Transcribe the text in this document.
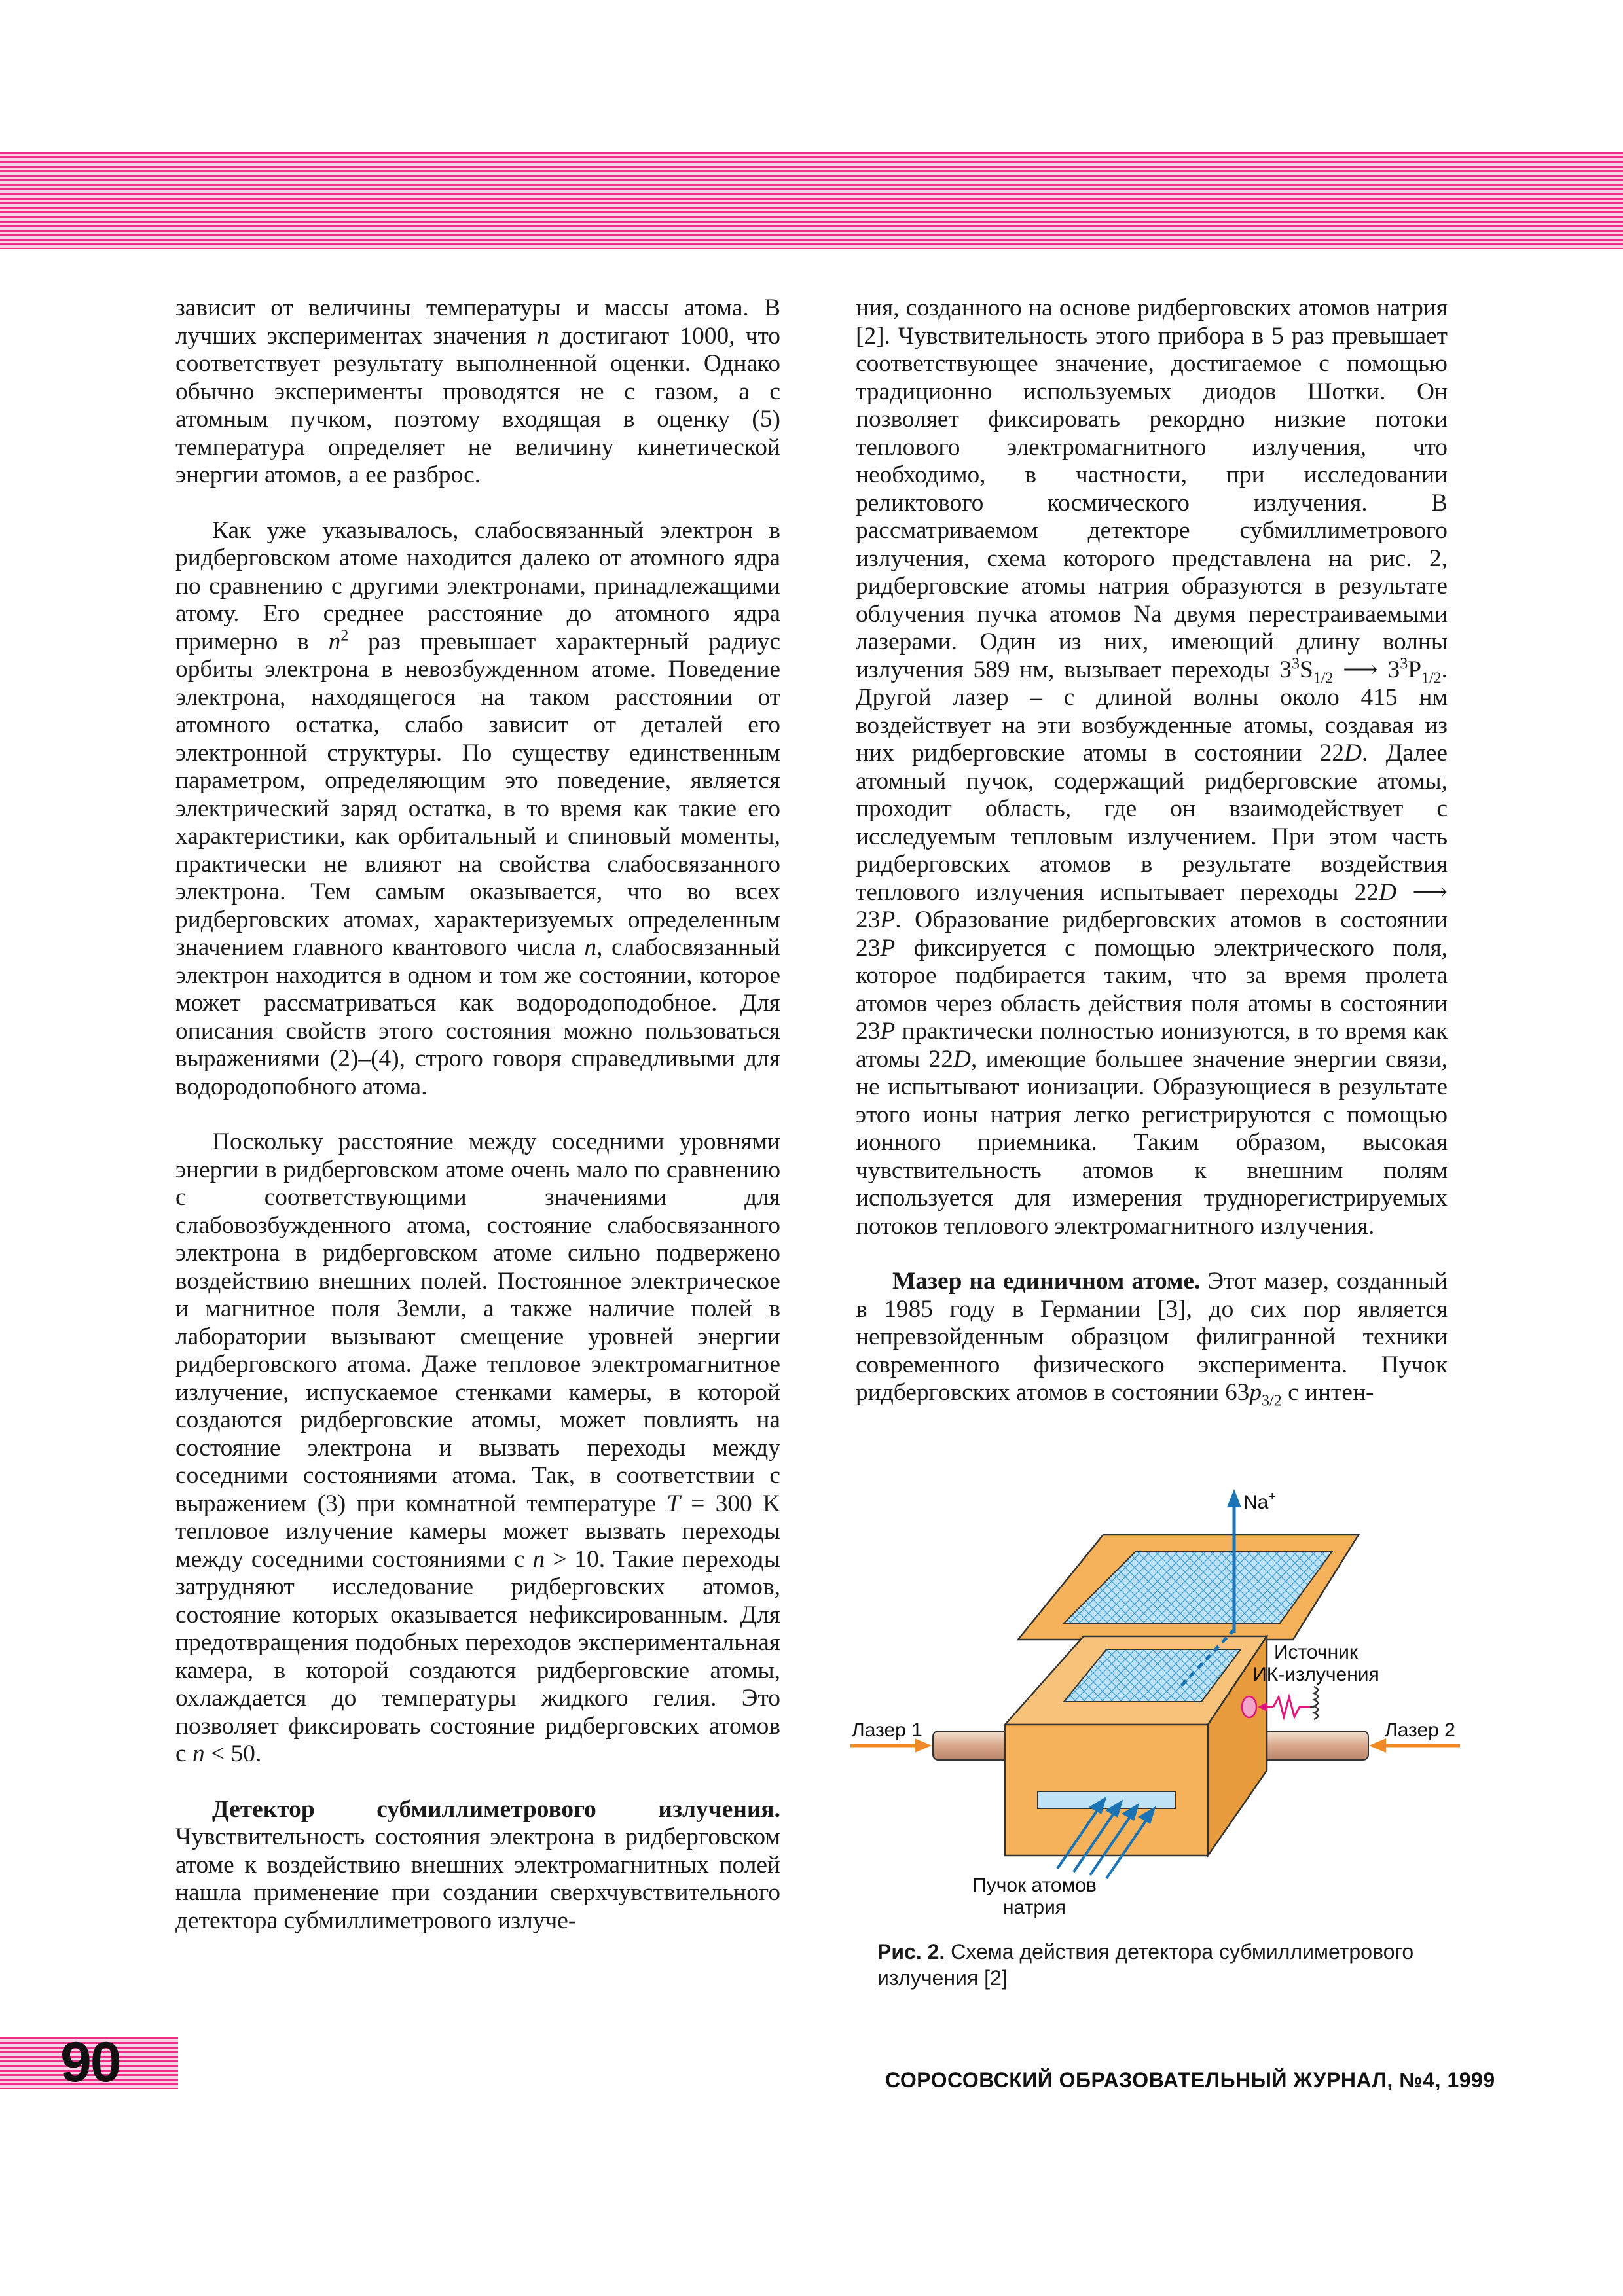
зависит от величины температуры и массы атома. В лучших экспериментах значения n достигают 1000, что соответствует результату выполненной оценки. Однако обычно эксперименты проводятся не с газом, а с атомным пучком, поэтому входящая в оценку (5) температура определяет не величину кинетической энергии атомов, а ее разброс.

Как уже указывалось, слабосвязанный электрон в ридберговском атоме находится далеко от атомного ядра по сравнению с другими электронами, принадлежащими атому. Его среднее расстояние до атомного ядра примерно в $n^2$ раз превышает характерный радиус орбиты электрона в невозбужденном атоме. Поведение электрона, находящегося на таком расстоянии от атомного остатка, слабо зависит от деталей его электронной структуры. По существу единственным параметром, определяющим это поведение, является электрический заряд остатка, в то время как такие его характеристики, как орбитальный и спиновый моменты, практически не влияют на свойства слабосвязанного электрона. Тем самым оказывается, что во всех ридберговских атомах, характеризуемых определенным значением главного квантового числа n, слабосвязанный электрон находится в одном и том же состоянии, которое может рассматриваться как водородоподобное. Для описания свойств этого состояния можно пользоваться выражениями (2)–(4), строго говоря справедливыми для водородопобного атома.

Поскольку расстояние между соседними уровнями энергии в ридберговском атоме очень мало по сравнению с соответствующими значениями для слабовозбужденного атома, состояние слабосвязанного электрона в ридберговском атоме сильно подвержено воздействию внешних полей. Постоянное электрическое и магнитное поля Земли, а также наличие полей в лаборатории вызывают смещение уровней энергии ридберговского атома. Даже тепловое электромагнитное излучение, испускаемое стенками камеры, в которой создаются ридберговские атомы, может повлиять на состояние электрона и вызвать переходы между соседними состояниями атома. Так, в соответствии с выражением (3) при комнатной температуре T = 300 K тепловое излучение камеры может вызвать переходы между соседними состояниями с n > 10. Такие переходы затрудняют исследование ридберговских атомов, состояние которых оказывается нефиксированным. Для предотвращения подобных переходов экспериментальная камера, в которой создаются ридберговские атомы, охлаждается до температуры жидкого гелия. Это позволяет фиксировать состояние ридберговских атомов с n < 50.

Детектор субмиллиметрового излучения. Чувствительность состояния электрона в ридберговском атоме к воздействию внешних электромагнитных полей нашла применение при создании сверхчувствительного детектора субмиллиметрового излуче-

ния, созданного на основе ридберговских атомов натрия [2]. Чувствительность этого прибора в 5 раз превышает соответствующее значение, достигаемое с помощью традиционно используемых диодов Шотки. Он позволяет фиксировать рекордно низкие потоки теплового электромагнитного излучения, что необходимо, в частности, при исследовании реликтового космического излучения. В рассматриваемом детекторе субмиллиметрового излучения, схема которого представлена на рис. 2, ридберговские атомы натрия образуются в результате облучения пучка атомов Na двумя перестраиваемыми лазерами. Один из них, имеющий длину волны излучения 589 нм, вызывает переходы $3^3S_{1/2}$ ⟶ $3^3P_{1/2}$. Другой лазер – с длиной волны около 415 нм воздействует на эти возбужденные атомы, создавая из них ридберговские атомы в состоянии 22D. Далее атомный пучок, содержащий ридберговские атомы, проходит область, где он взаимодействует с исследуемым тепловым излучением. При этом часть ридберговских атомов в результате воздействия теплового излучения испытывает переходы 22D ⟶ 23P. Образование ридберговских атомов в состоянии 23P фиксируется с помощью электрического поля, которое подбирается таким, что за время пролета атомов через область действия поля атомы в состоянии 23P практически полностью ионизуются, в то время как атомы 22D, имеющие большее значение энергии связи, не испытывают ионизации. Образующиеся в результате этого ионы натрия легко регистрируются с помощью ионного приемника. Таким образом, высокая чувствительность атомов к внешним полям используется для измерения труднорегистрируемых потоков теплового электромагнитного излучения.

Мазер на единичном атоме. Этот мазер, созданный в 1985 году в Германии [3], до сих пор является непревзойденным образцом филигранной техники современного физического эксперимента. Пучок ридберговских атомов в состоянии $63p_{3/2}$ с интен-

Na+
Источник
ИК-излучения
Лазер 1	Лазер 2
Пучок атомов
натрия
Рис. 2. Схема действия детектора субмиллиметрового излучения [2]
90	СОРОСОВСКИЙ ОБРАЗОВАТЕЛЬНЫЙ ЖУРНАЛ, №4, 1999
